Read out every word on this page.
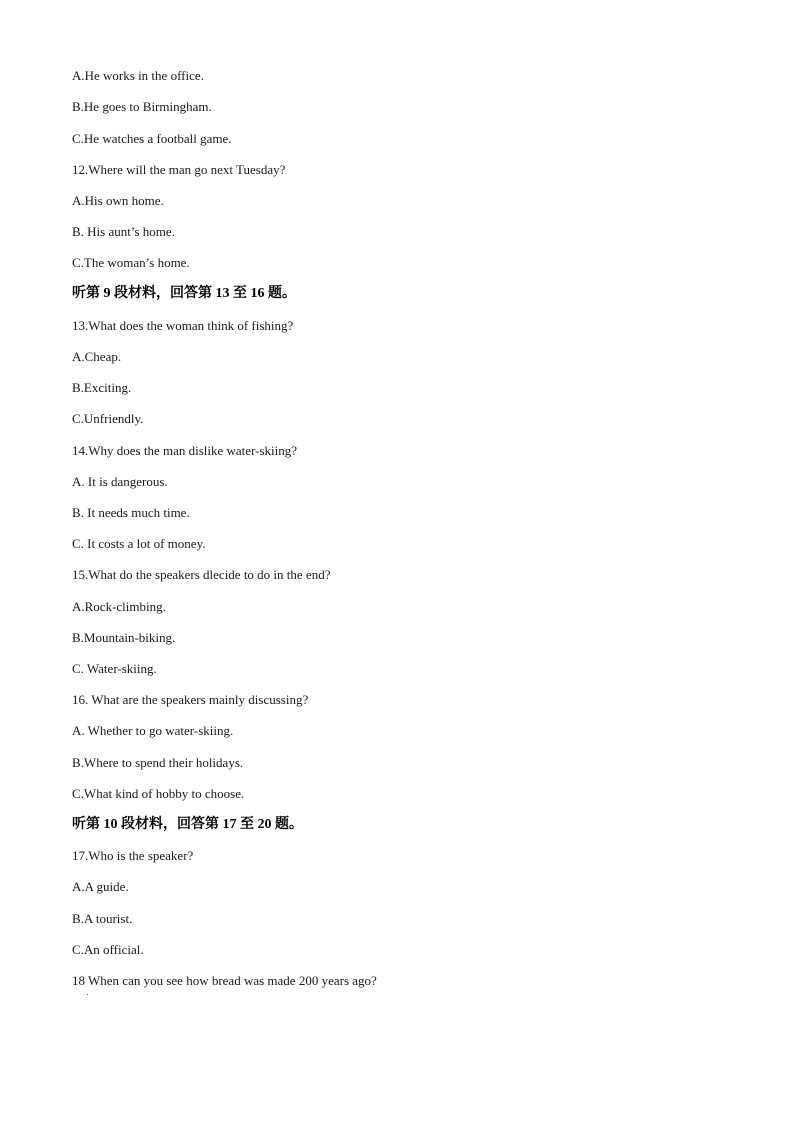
A.He works in the office.
B.He goes to Birmingham.
C.He watches a football game.
12.Where will the man go next Tuesday?
A.His own home.
B. His aunt’s home.
C.The woman’s home.
听第 9 段材料，回答第 13 至 16 题。
13.What does the woman think of fishing?
A.Cheap.
B.Exciting.
C.Unfriendly.
14.Why does the man dislike water-skiing?
A. It is dangerous.
B. It needs much time.
C. It costs a lot of money.
15.What do the speakers dlecide to do in the end?
A.Rock-climbing.
B.Mountain-biking.
C. Water-skiing.
16. What are the speakers mainly discussing?
A. Whether to go water-skiing.
B.Where to spend their holidays.
C.What kind of hobby to choose.
听第 10 段材料，回答第 17 至 20 题。
17.Who is the speaker?
A.A guide.
B.A tourist.
C.An official.
18 When can you see how bread was made 200 years ago?
